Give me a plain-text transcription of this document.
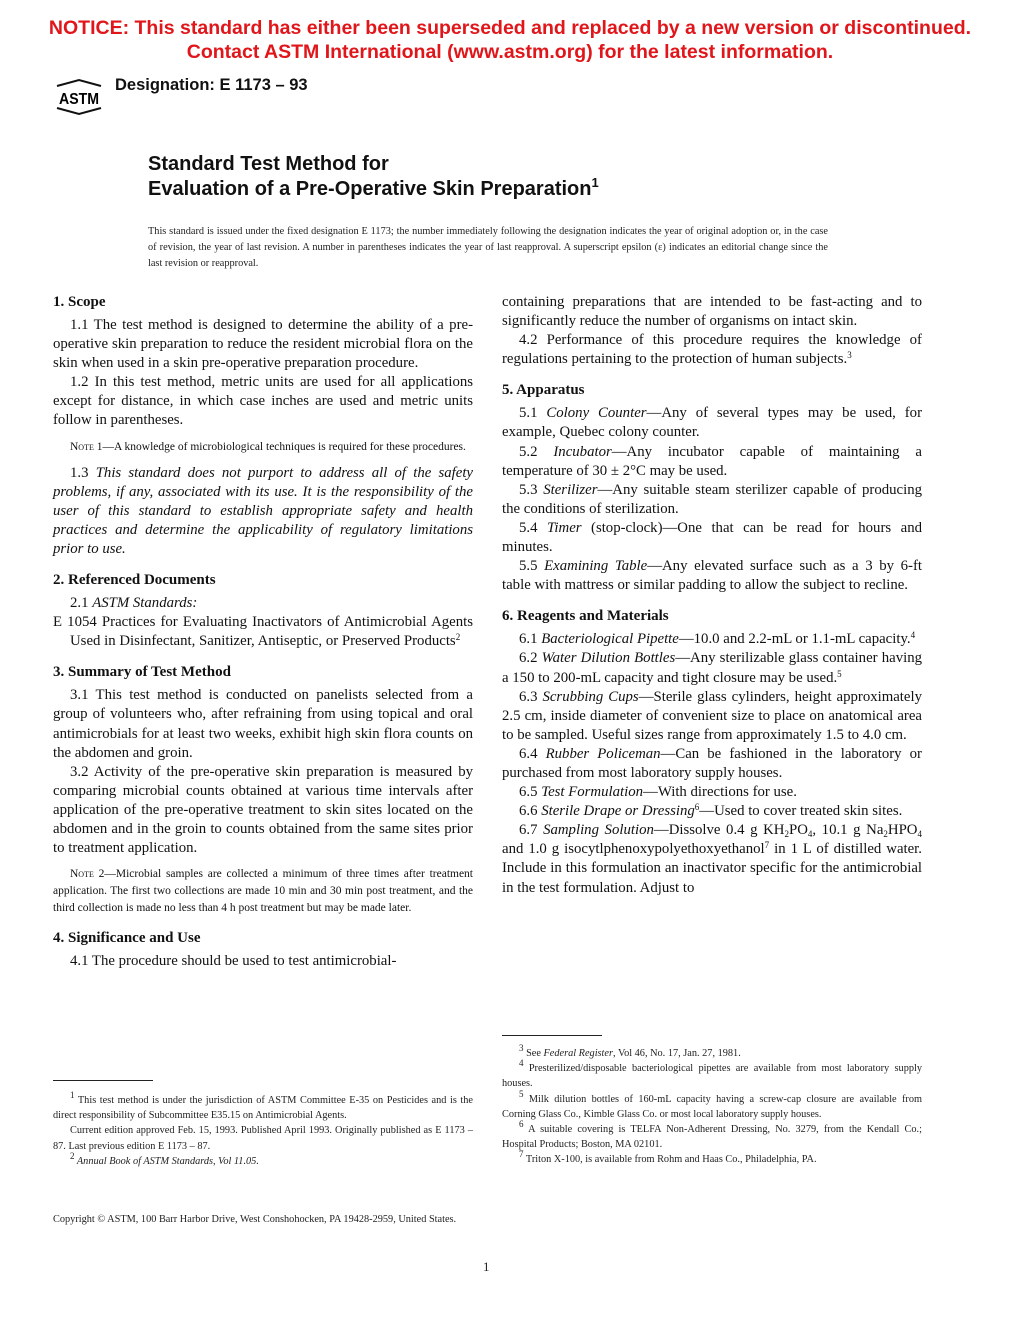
NOTICE: This standard has either been superseded and replaced by a new version or discontinued.
Contact ASTM International (www.astm.org) for the latest information.
ASTM
Designation: E 1173 – 93
Standard Test Method for
Evaluation of a Pre-Operative Skin Preparation$^1$
This standard is issued under the fixed designation E 1173; the number immediately following the designation indicates the year of original adoption or, in the case of revision, the year of last revision. A number in parentheses indicates the year of last reapproval. A superscript epsilon (ε) indicates an editorial change since the last revision or reapproval.
1. Scope

1.1 The test method is designed to determine the ability of a pre-operative skin preparation to reduce the resident microbial flora on the skin when used in a skin pre-operative preparation procedure.

1.2 In this test method, metric units are used for all applications except for distance, in which case inches are used and metric units follow in parentheses.

Note 1—A knowledge of microbiological techniques is required for these procedures.

1.3 This standard does not purport to address all of the safety problems, if any, associated with its use. It is the responsibility of the user of this standard to establish appropriate safety and health practices and determine the applicability of regulatory limitations prior to use.

2. Referenced Documents

2.1 ASTM Standards:

E 1054 Practices for Evaluating Inactivators of Antimicrobial Agents Used in Disinfectant, Sanitizer, Antiseptic, or Preserved Products$^2$

3. Summary of Test Method

3.1 This test method is conducted on panelists selected from a group of volunteers who, after refraining from using topical and oral antimicrobials for at least two weeks, exhibit high skin flora counts on the abdomen and groin.

3.2 Activity of the pre-operative skin preparation is measured by comparing microbial counts obtained at various time intervals after application of the pre-operative treatment to skin sites located on the abdomen and in the groin to counts obtained from the same sites prior to treatment application.

Note 2—Microbial samples are collected a minimum of three times after treatment application. The first two collections are made 10 min and 30 min post treatment, and the third collection is made no less than 4 h post treatment but may be made later.

4. Significance and Use

4.1 The procedure should be used to test antimicrobial-

containing preparations that are intended to be fast-acting and to significantly reduce the number of organisms on intact skin.

4.2 Performance of this procedure requires the knowledge of regulations pertaining to the protection of human subjects.$^3$

5. Apparatus

5.1 Colony Counter—Any of several types may be used, for example, Quebec colony counter.

5.2 Incubator—Any incubator capable of maintaining a temperature of 30 ± 2°C may be used.

5.3 Sterilizer—Any suitable steam sterilizer capable of producing the conditions of sterilization.

5.4 Timer (stop-clock)—One that can be read for hours and minutes.

5.5 Examining Table—Any elevated surface such as a 3 by 6-ft table with mattress or similar padding to allow the subject to recline.

6. Reagents and Materials

6.1 Bacteriological Pipette—10.0 and 2.2-mL or 1.1-mL capacity.$^4$

6.2 Water Dilution Bottles—Any sterilizable glass container having a 150 to 200-mL capacity and tight closure may be used.$^5$

6.3 Scrubbing Cups—Sterile glass cylinders, height approximately 2.5 cm, inside diameter of convenient size to place on anatomical area to be sampled. Useful sizes range from approximately 1.5 to 4.0 cm.

6.4 Rubber Policeman—Can be fashioned in the laboratory or purchased from most laboratory supply houses.

6.5 Test Formulation—With directions for use.

6.6 Sterile Drape or Dressing$^6$—Used to cover treated skin sites.

6.7 Sampling Solution—Dissolve 0.4 g $KH_2PO_4$, 10.1 g $Na_2HPO_4$ and 1.0 g isocytlphenoxypolyethoxyethanol$^7$ in 1 L of distilled water. Include in this formulation an inactivator specific for the antimicrobial in the test formulation. Adjust to

1 This test method is under the jurisdiction of ASTM Committee E-35 on Pesticides and is the direct responsibility of Subcommittee E35.15 on Antimicrobial Agents.

Current edition approved Feb. 15, 1993. Published April 1993. Originally published as E 1173 – 87. Last previous edition E 1173 – 87.

2 Annual Book of ASTM Standards, Vol 11.05.

3 See Federal Register, Vol 46, No. 17, Jan. 27, 1981.

4 Presterilized/disposable bacteriological pipettes are available from most laboratory supply houses.

5 Milk dilution bottles of 160-mL capacity having a screw-cap closure are available from Corning Glass Co., Kimble Glass Co. or most local laboratory supply houses.

6 A suitable covering is TELFA Non-Adherent Dressing, No. 3279, from the Kendall Co.; Hospital Products; Boston, MA 02101.

7 Triton X-100, is available from Rohm and Haas Co., Philadelphia, PA.

Copyright © ASTM, 100 Barr Harbor Drive, West Conshohocken, PA 19428-2959, United States.
1
